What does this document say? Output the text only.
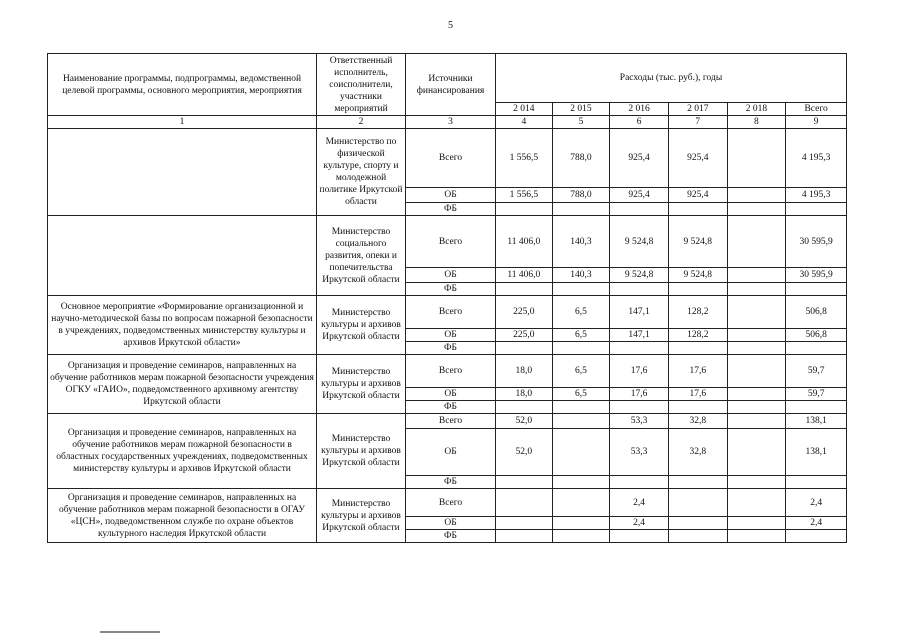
5
Наименование программы, подпрограммы, ведомственной целевой программы, основного мероприятия, мероприятия	Ответственный исполнитель, соисполнители, участники мероприятий	Источники финансирования	Расходы (тыс. руб.), годы					
			2 014	2 015	2 016	2 017	2 018	Всего
1	2	3	4	5	6	7	8	9
	Министерство по физической культуре, спорту и молодежной политике Иркутской области	Всего	1 556,5	788,0	925,4	925,4		4 195,3
		ОБ	1 556,5	788,0	925,4	925,4		4 195,3
		ФБ						
	Министерство социального развития, опеки и попечительства Иркутской области	Всего	11 406,0	140,3	9 524,8	9 524,8		30 595,9
		ОБ	11 406,0	140,3	9 524,8	9 524,8		30 595,9
		ФБ						
Основное мероприятие «Формирование организационной и научно-методической базы по вопросам пожарной безопасности в учреждениях, подведомственных министерству культуры и архивов Иркутской области»	Министерство культуры и архивов Иркутской области	Всего	225,0	6,5	147,1	128,2		506,8
		ОБ	225,0	6,5	147,1	128,2		506,8
		ФБ						
Организация и проведение семинаров, направленных на обучение работников мерам пожарной безопасности учреждения ОГКУ «ГАИО», подведомственного архивному агентству Иркутской области	Министерство культуры и архивов Иркутской области	Всего	18,0	6,5	17,6	17,6		59,7
		ОБ	18,0	6,5	17,6	17,6		59,7
		ФБ						
Организация и проведение семинаров, направленных на обучение работников мерам пожарной безопасности в областных государственных учреждениях, подведомственных министерству культуры и архивов Иркутской области	Министерство культуры и архивов Иркутской области	Всего	52,0		53,3	32,8		138,1
		ОБ	52,0		53,3	32,8		138,1
		ФБ						
Организация и проведение семинаров, направленных на обучение работников мерам пожарной безопасности в ОГАУ «ЦСН», подведомственном службе по охране объектов культурного наследия Иркутской области	Министерство культуры и архивов Иркутской области	Всего			2,4			2,4
		ОБ			2,4			2,4
		ФБ						
